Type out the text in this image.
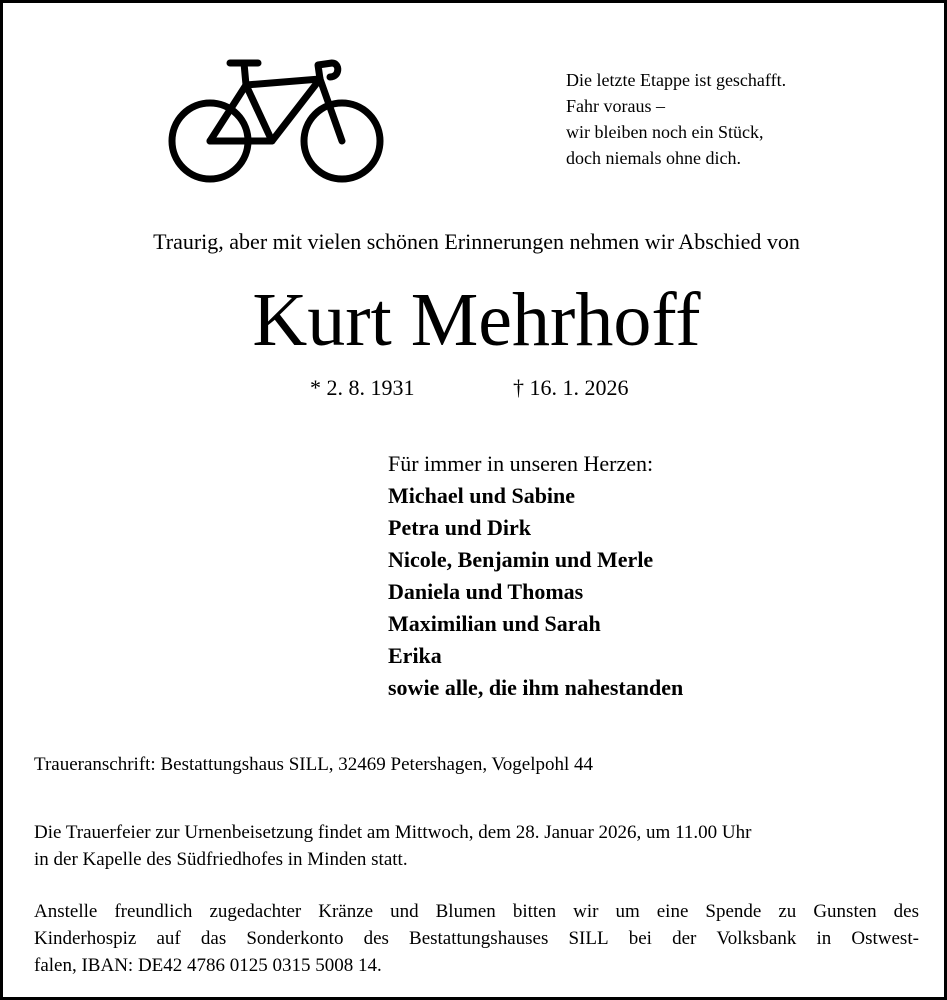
Die letzte Etappe ist geschafft.
Fahr voraus –
wir bleiben noch ein Stück,
doch niemals ohne dich.
Traurig, aber mit vielen schönen Erinnerungen nehmen wir Abschied von
Kurt Mehrhoff
* 2. 8. 1931	† 16. 1. 2026
Für immer in unseren Herzen:
Michael und Sabine
Petra und Dirk
Nicole, Benjamin und Merle
Daniela und Thomas
Maximilian und Sarah
Erika
sowie alle, die ihm nahestanden
Traueranschrift: Bestattungshaus SILL, 32469 Petershagen, Vogelpohl 44
Die Trauerfeier zur Urnenbeisetzung findet am Mittwoch, dem 28. Januar 2026, um 11.00 Uhr
in der Kapelle des Südfriedhofes in Minden statt.
Anstelle freundlich zugedachter Kränze und Blumen bitten wir um eine Spende zu Gunsten des
Kinderhospiz auf das Sonderkonto des Bestattungshauses SILL bei der Volksbank in Ostwest-
falen, IBAN: DE42 4786 0125 0315 5008 14.
